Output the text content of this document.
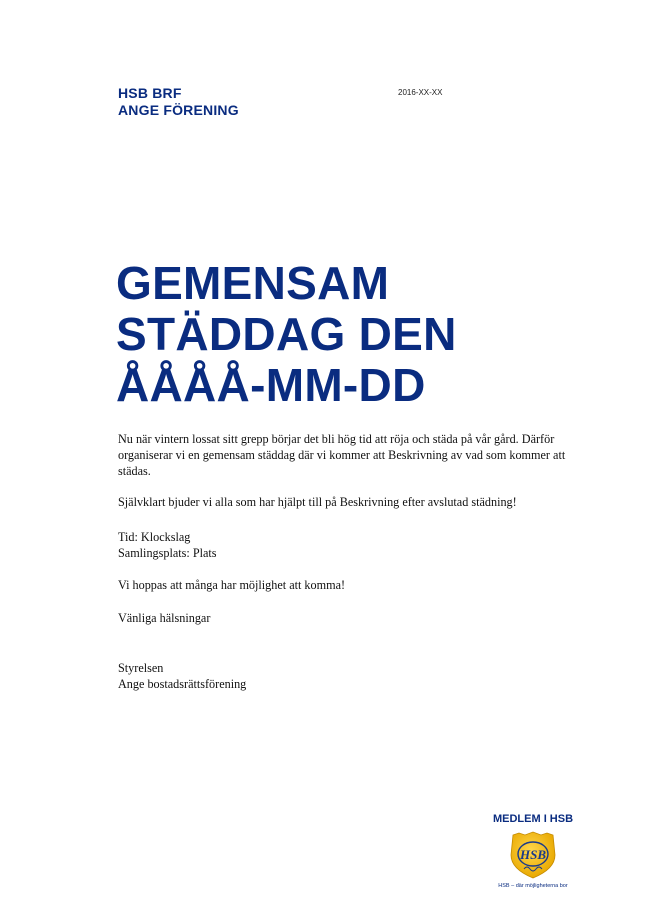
HSB BRF
ANGE FÖRENING
2016-XX-XX
GEMENSAM
STÄDDAG DEN
ÅÅÅÅ-MM-DD

Nu när vintern lossat sitt grepp börjar det bli hög tid att röja och städa på vår gård. Därför organiserar vi en gemensam städdag där vi kommer att Beskrivning av vad som kommer att städas.

Självklart bjuder vi alla som har hjälpt till på Beskrivning efter avslutad städning!

Tid: Klockslag

Samlingsplats: Plats

Vi hoppas att många har möjlighet att komma!

Vänliga hälsningar

Styrelsen

Ange bostadsrättsförening

MEDLEM I HSB
HSB
HSB – där möjligheterna bor
